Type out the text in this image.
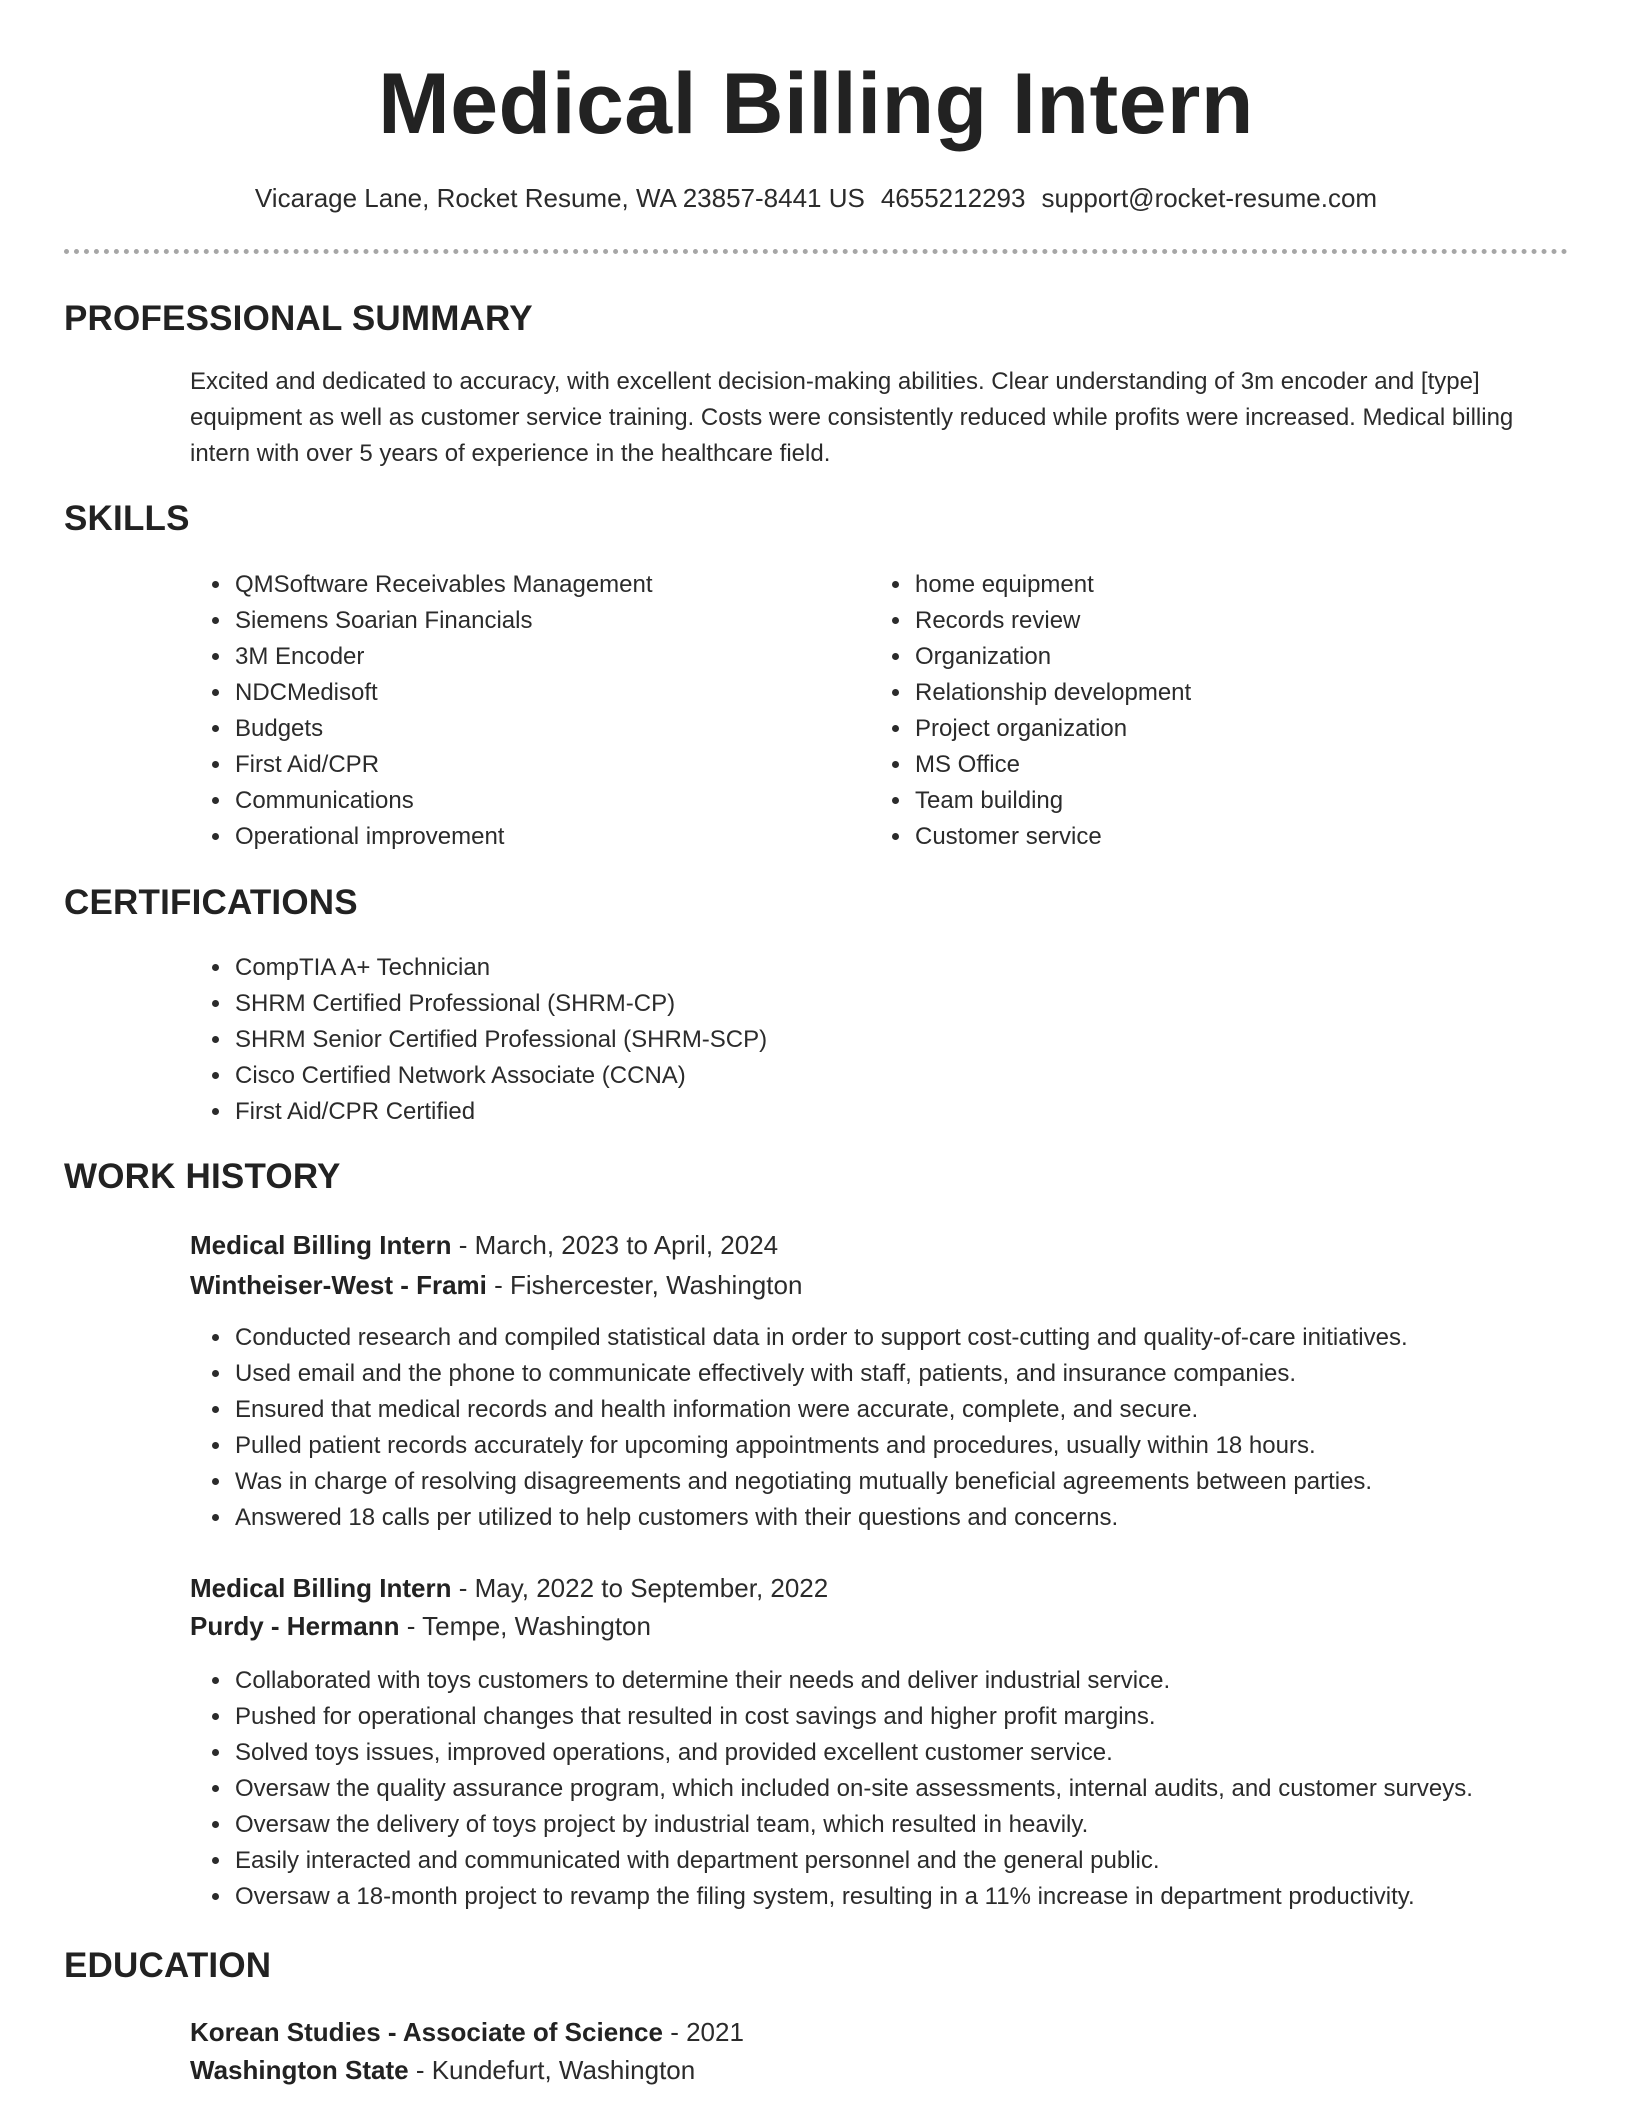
Medical Billing Intern
Vicarage Lane, Rocket Resume, WA 23857-8441 US 4655212293 support@rocket-resume.com
PROFESSIONAL SUMMARY
Excited and dedicated to accuracy, with excellent decision-making abilities. Clear understanding of 3m encoder and [type] equipment as well as customer service training. Costs were consistently reduced while profits were increased. Medical billing intern with over 5 years of experience in the healthcare field.
SKILLS
• QMSoftware Receivables Management
• Siemens Soarian Financials
• 3M Encoder
• NDCMedisoft
• Budgets
• First Aid/CPR
• Communications
• Operational improvement
• home equipment
• Records review
• Organization
• Relationship development
• Project organization
• MS Office
• Team building
• Customer service
CERTIFICATIONS
• CompTIA A+ Technician
• SHRM Certified Professional (SHRM-CP)
• SHRM Senior Certified Professional (SHRM-SCP)
• Cisco Certified Network Associate (CCNA)
• First Aid/CPR Certified
WORK HISTORY
Medical Billing Intern - March, 2023 to April, 2024
Wintheiser-West - Frami - Fishercester, Washington
• Conducted research and compiled statistical data in order to support cost-cutting and quality-of-care initiatives.
• Used email and the phone to communicate effectively with staff, patients, and insurance companies.
• Ensured that medical records and health information were accurate, complete, and secure.
• Pulled patient records accurately for upcoming appointments and procedures, usually within 18 hours.
• Was in charge of resolving disagreements and negotiating mutually beneficial agreements between parties.
• Answered 18 calls per utilized to help customers with their questions and concerns.
Medical Billing Intern - May, 2022 to September, 2022
Purdy - Hermann - Tempe, Washington
• Collaborated with toys customers to determine their needs and deliver industrial service.
• Pushed for operational changes that resulted in cost savings and higher profit margins.
• Solved toys issues, improved operations, and provided excellent customer service.
• Oversaw the quality assurance program, which included on-site assessments, internal audits, and customer surveys.
• Oversaw the delivery of toys project by industrial team, which resulted in heavily.
• Easily interacted and communicated with department personnel and the general public.
• Oversaw a 18-month project to revamp the filing system, resulting in a 11% increase in department productivity.
EDUCATION
Korean Studies - Associate of Science - 2021
Washington State - Kundefurt, Washington
